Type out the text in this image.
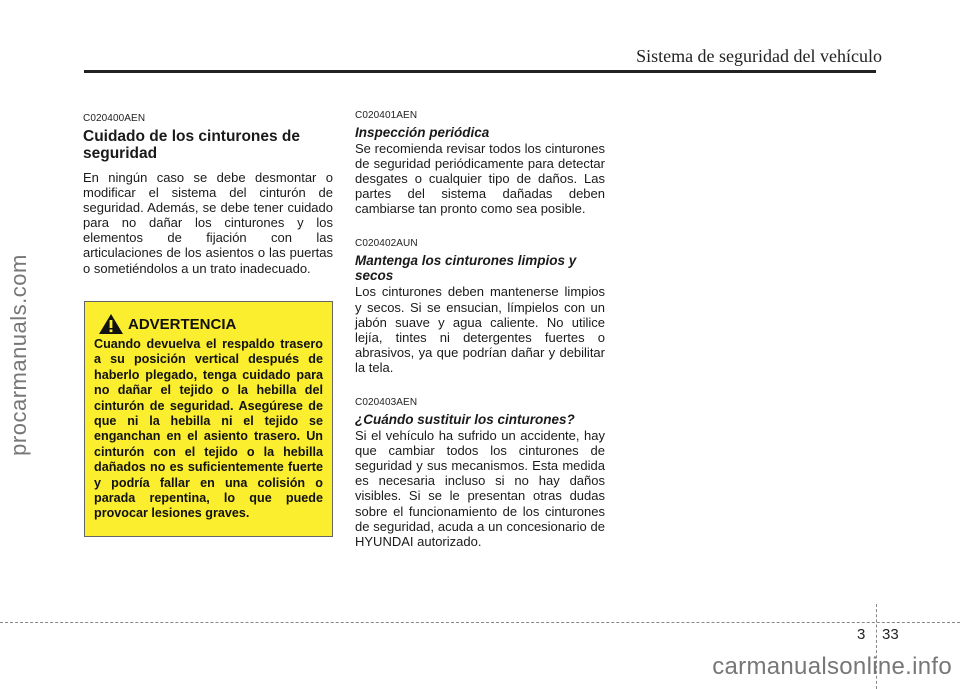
Sistema de seguridad del vehículo

C020400AEN

Cuidado de los cinturones de seguridad

En ningún caso se debe desmontar o modificar el sistema del cinturón de seguridad. Además, se debe tener cuidado para no dañar los cinturones y los elementos de fijación con las articulaciones de los asientos o las puertas o sometiéndolos a un trato inadecuado.

ADVERTENCIA

Cuando devuelva el respaldo trasero a su posición vertical después de haberlo plegado, tenga cuidado para no dañar el tejido o la hebilla del cinturón de seguridad. Asegúrese de que ni la hebilla ni el tejido se enganchan en el asiento trasero. Un cinturón con el tejido o la hebilla dañados no es suficientemente fuerte y podría fallar en una colisión o parada repentina, lo que puede provocar lesiones graves.

C020401AEN

Inspección periódica

Se recomienda revisar todos los cinturones de seguridad periódicamente para detectar desgates o cualquier tipo de daños. Las partes del sistema dañadas deben cambiarse tan pronto como sea posible.

C020402AUN

Mantenga los cinturones limpios y secos

Los cinturones deben mantenerse limpios y secos. Si se ensucian, límpielos con un jabón suave y agua caliente. No utilice lejía, tintes ni detergentes fuertes o abrasivos, ya que podrían dañar y debilitar la tela.

C020403AEN

¿Cuándo sustituir los cinturones?

Si el vehículo ha sufrido un accidente, hay que cambiar todos los cinturones de seguridad y sus mecanismos. Esta medida es necesaria incluso si no hay daños visibles. Si se le presentan otras dudas sobre el funcionamiento de los cinturones de seguridad, acuda a un concesionario de HYUNDAI autorizado.

procarmanuals.com
3 33
carmanualsonline.info
